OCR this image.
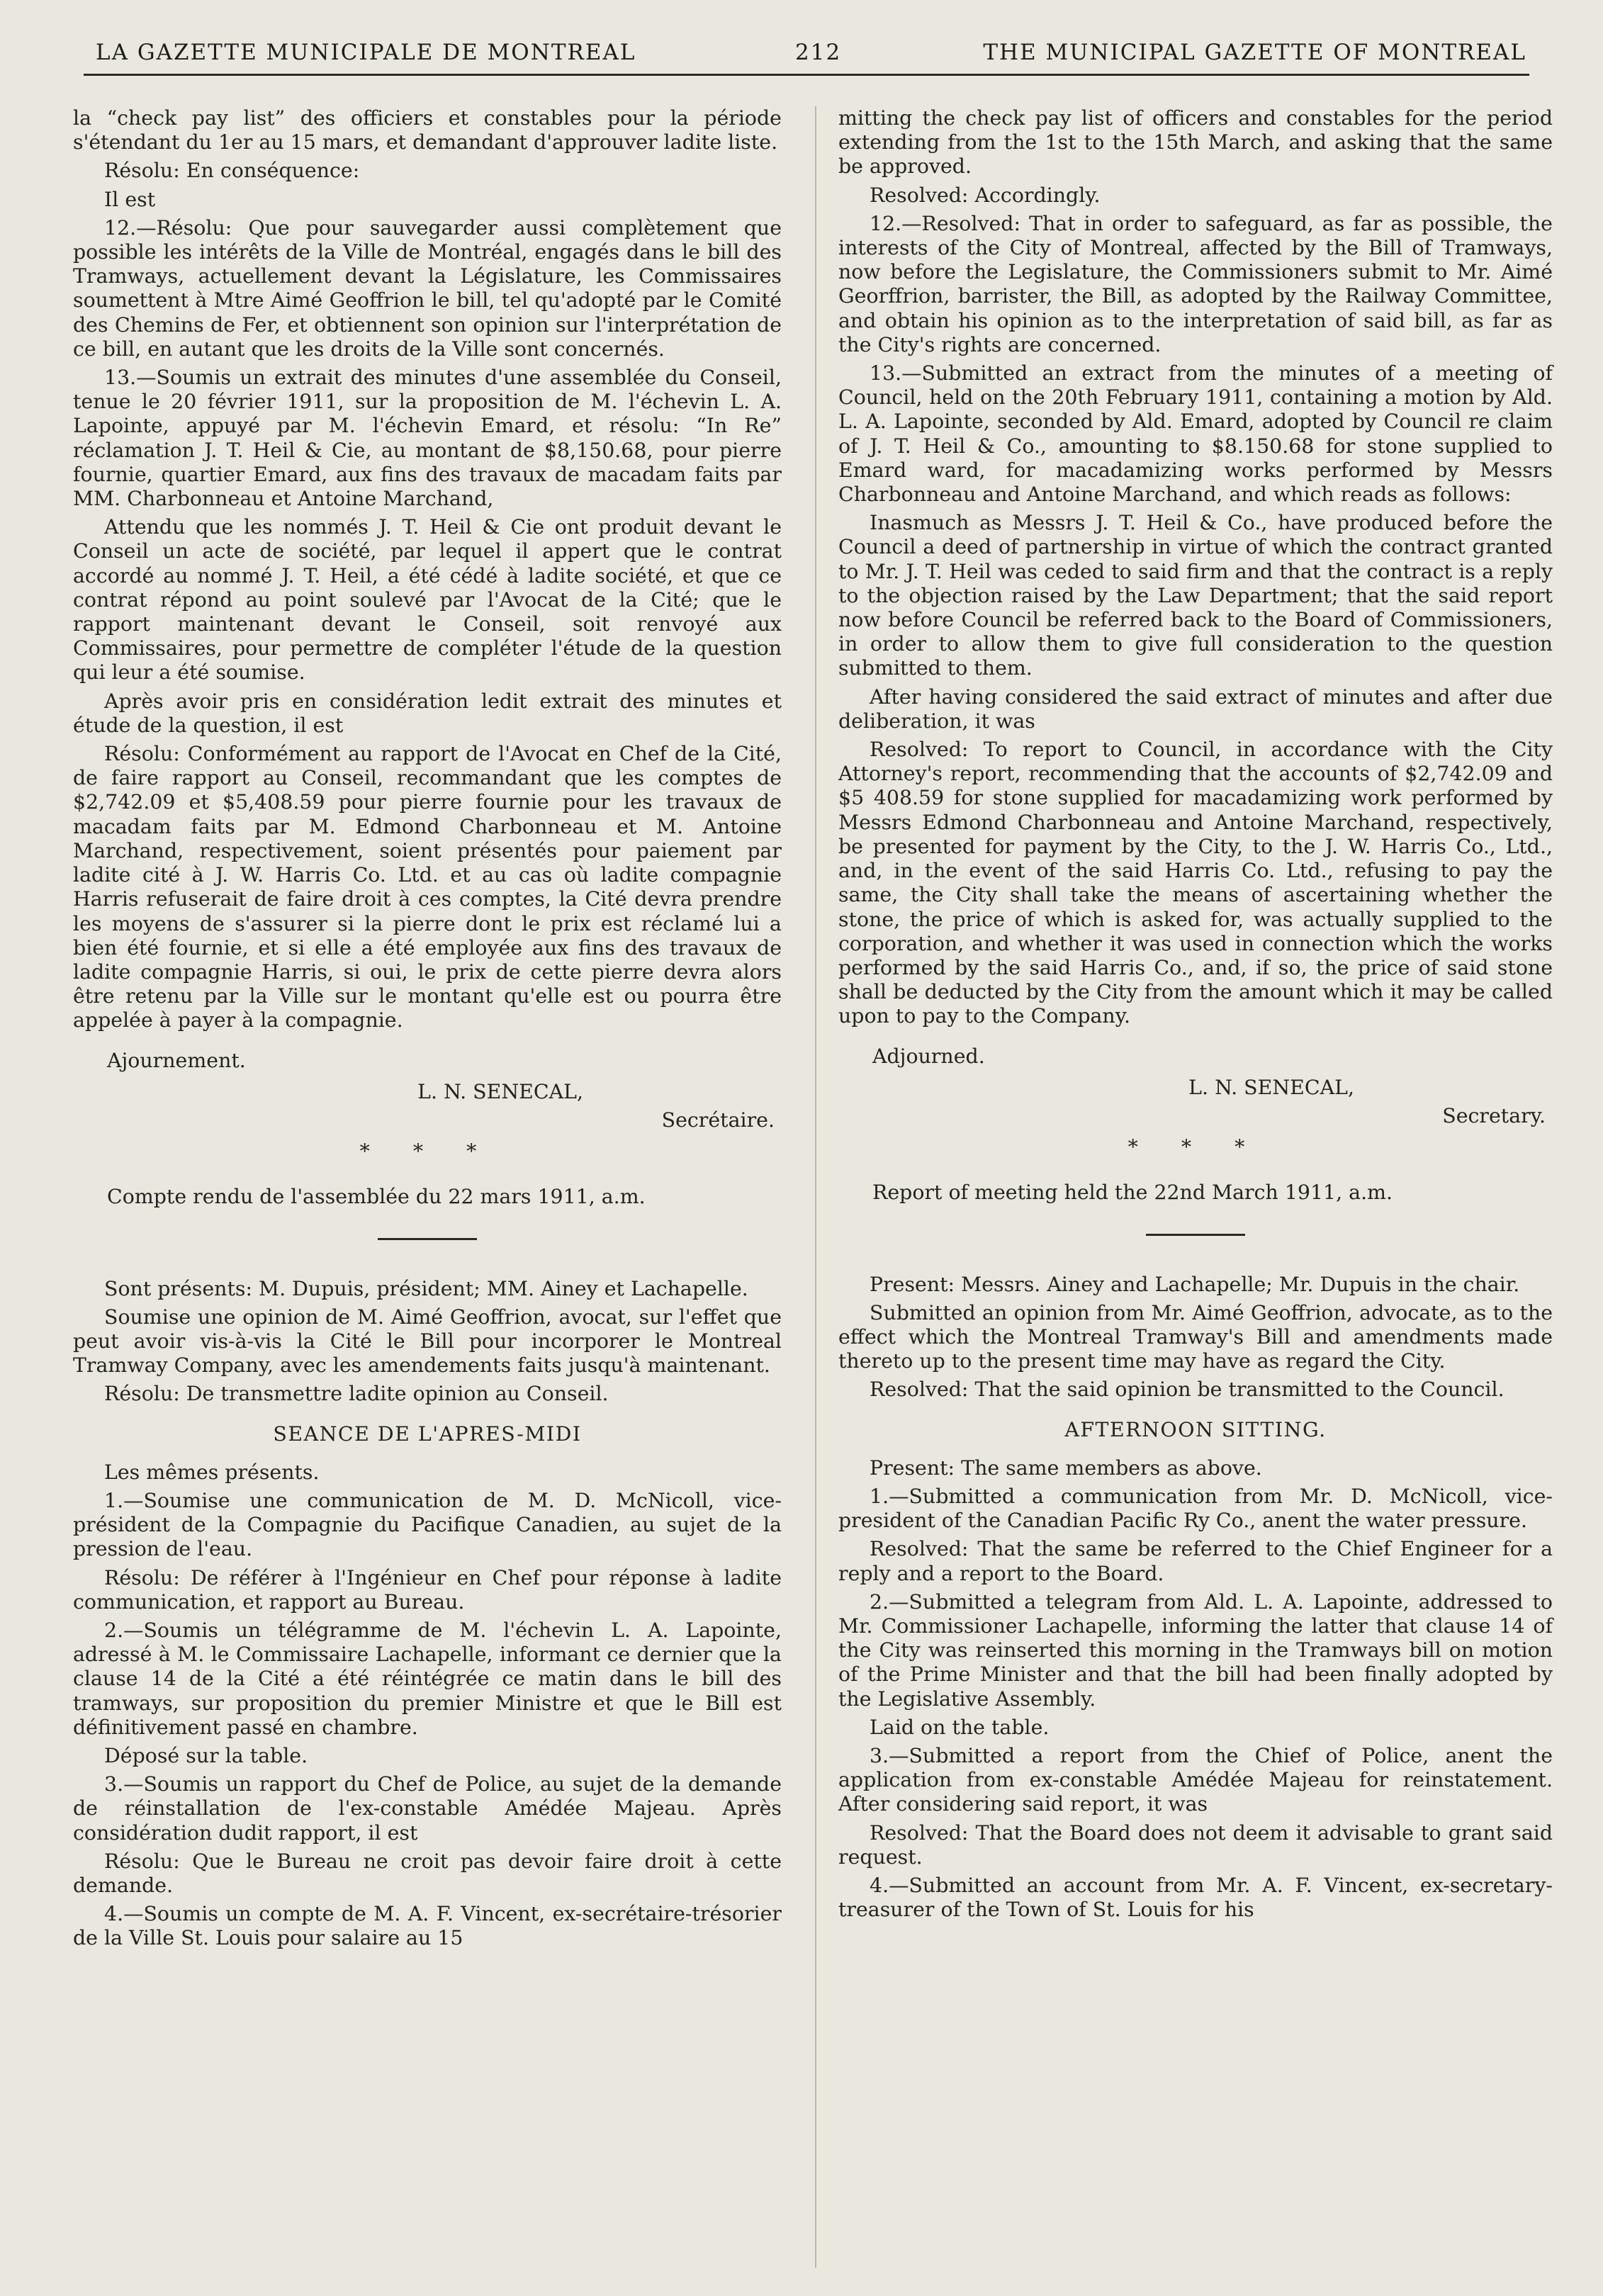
LA GAZETTE MUNICIPALE DE MONTREAL	212	THE MUNICIPAL GAZETTE OF MONTREAL

la “check pay list” des officiers et constables pour la période s'étendant du 1er au 15 mars, et demandant d'approuver ladite liste.

Résolu: En conséquence:

Il est

12.—Résolu: Que pour sauvegarder aussi complètement que possible les intérêts de la Ville de Montréal, engagés dans le bill des Tramways, actuellement devant la Législature, les Commissaires soumettent à Mtre Aimé Geoffrion le bill, tel qu'adopté par le Comité des Chemins de Fer, et obtiennent son opinion sur l'interprétation de ce bill, en autant que les droits de la Ville sont concernés.

13.—Soumis un extrait des minutes d'une assemblée du Conseil, tenue le 20 février 1911, sur la proposition de M. l'échevin L. A. Lapointe, appuyé par M. l'échevin Emard, et résolu: “In Re” réclamation J. T. Heil & Cie, au montant de $8,150.68, pour pierre fournie, quartier Emard, aux fins des travaux de macadam faits par MM. Charbonneau et Antoine Marchand,

Attendu que les nommés J. T. Heil & Cie ont produit devant le Conseil un acte de société, par lequel il appert que le contrat accordé au nommé J. T. Heil, a été cédé à ladite société, et que ce contrat répond au point soulevé par l'Avocat de la Cité; que le rapport maintenant devant le Conseil, soit renvoyé aux Commissaires, pour permettre de compléter l'étude de la question qui leur a été soumise.

Après avoir pris en considération ledit extrait des minutes et étude de la question, il est

Résolu: Conformément au rapport de l'Avocat en Chef de la Cité, de faire rapport au Conseil, recommandant que les comptes de $2,742.09 et $5,408.59 pour pierre fournie pour les travaux de macadam faits par M. Edmond Charbonneau et M. Antoine Marchand, respectivement, soient présentés pour paiement par ladite cité à J. W. Harris Co. Ltd. et au cas où ladite compagnie Harris refuserait de faire droit à ces comptes, la Cité devra prendre les moyens de s'assurer si la pierre dont le prix est réclamé lui a bien été fournie, et si elle a été employée aux fins des travaux de ladite compagnie Harris, si oui, le prix de cette pierre devra alors être retenu par la Ville sur le montant qu'elle est ou pourra être appelée à payer à la compagnie.

Ajournement.

L. N. SENECAL,

Secrétaire.

* * *

Compte rendu de l'assemblée du 22 mars 1911, a.m.

Sont présents: M. Dupuis, président; MM. Ainey et Lachapelle.

Soumise une opinion de M. Aimé Geoffrion, avocat, sur l'effet que peut avoir vis-à-vis la Cité le Bill pour incorporer le Montreal Tramway Company, avec les amendements faits jusqu'à maintenant.

Résolu: De transmettre ladite opinion au Conseil.

SEANCE DE L'APRES-MIDI

Les mêmes présents.

1.—Soumise une communication de M. D. McNicoll, vice-président de la Compagnie du Pacifique Canadien, au sujet de la pression de l'eau.

Résolu: De référer à l'Ingénieur en Chef pour réponse à ladite communication, et rapport au Bureau.

2.—Soumis un télégramme de M. l'échevin L. A. Lapointe, adressé à M. le Commissaire Lachapelle, informant ce dernier que la clause 14 de la Cité a été réintégrée ce matin dans le bill des tramways, sur proposition du premier Ministre et que le Bill est définitivement passé en chambre.

Déposé sur la table.

3.—Soumis un rapport du Chef de Police, au sujet de la demande de réinstallation de l'ex-constable Amédée Majeau. Après considération dudit rapport, il est

Résolu: Que le Bureau ne croit pas devoir faire droit à cette demande.

4.—Soumis un compte de M. A. F. Vincent, ex-secrétaire-trésorier de la Ville St. Louis pour salaire au 15

mitting the check pay list of officers and constables for the period extending from the 1st to the 15th March, and asking that the same be approved.

Resolved: Accordingly.

12.—Resolved: That in order to safeguard, as far as possible, the interests of the City of Montreal, affected by the Bill of Tramways, now before the Legislature, the Commissioners submit to Mr. Aimé Georffrion, barrister, the Bill, as adopted by the Railway Committee, and obtain his opinion as to the interpretation of said bill, as far as the City's rights are concerned.

13.—Submitted an extract from the minutes of a meeting of Council, held on the 20th February 1911, containing a motion by Ald. L. A. Lapointe, seconded by Ald. Emard, adopted by Council re claim of J. T. Heil & Co., amounting to $8.150.68 for stone supplied to Emard ward, for macadamizing works performed by Messrs Charbonneau and Antoine Marchand, and which reads as follows:

Inasmuch as Messrs J. T. Heil & Co., have produced before the Council a deed of partnership in virtue of which the contract granted to Mr. J. T. Heil was ceded to said firm and that the contract is a reply to the objection raised by the Law Department; that the said report now before Council be referred back to the Board of Commissioners, in order to allow them to give full consideration to the question submitted to them.

After having considered the said extract of minutes and after due deliberation, it was

Resolved: To report to Council, in accordance with the City Attorney's report, recommending that the accounts of $2,742.09 and $5 408.59 for stone supplied for macadamizing work performed by Messrs Edmond Charbonneau and Antoine Marchand, respectively, be presented for payment by the City, to the J. W. Harris Co., Ltd., and, in the event of the said Harris Co. Ltd., refusing to pay the same, the City shall take the means of ascertaining whether the stone, the price of which is asked for, was actually supplied to the corporation, and whether it was used in connection which the works performed by the said Harris Co., and, if so, the price of said stone shall be deducted by the City from the amount which it may be called upon to pay to the Company.

Adjourned.

L. N. SENECAL,

Secretary.

* * *

Report of meeting held the 22nd March 1911, a.m.

Present: Messrs. Ainey and Lachapelle; Mr. Dupuis in the chair.

Submitted an opinion from Mr. Aimé Geoffrion, advocate, as to the effect which the Montreal Tramway's Bill and amendments made thereto up to the present time may have as regard the City.

Resolved: That the said opinion be transmitted to the Council.

AFTERNOON SITTING.

Present: The same members as above.

1.—Submitted a communication from Mr. D. McNicoll, vice-president of the Canadian Pacific Ry Co., anent the water pressure.

Resolved: That the same be referred to the Chief Engineer for a reply and a report to the Board.

2.—Submitted a telegram from Ald. L. A. Lapointe, addressed to Mr. Commissioner Lachapelle, informing the latter that clause 14 of the City was reinserted this morning in the Tramways bill on motion of the Prime Minister and that the bill had been finally adopted by the Legislative Assembly.

Laid on the table.

3.—Submitted a report from the Chief of Police, anent the application from ex-constable Amédée Majeau for reinstatement. After considering said report, it was

Resolved: That the Board does not deem it advisable to grant said request.

4.—Submitted an account from Mr. A. F. Vincent, ex-secretary-treasurer of the Town of St. Louis for his
